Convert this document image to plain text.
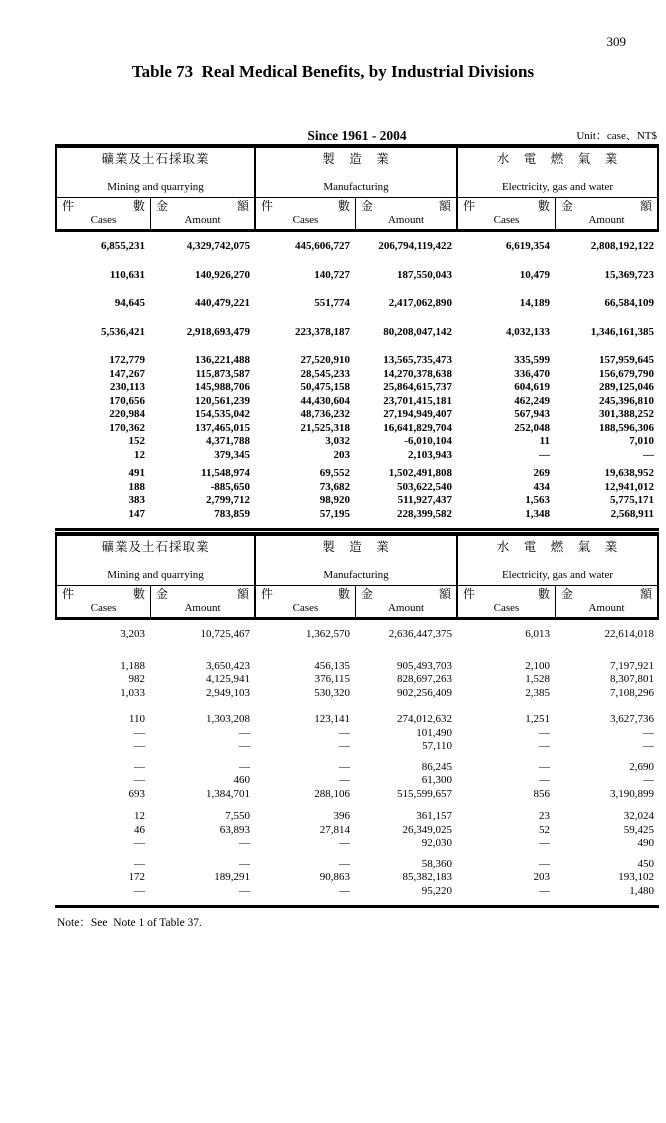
309
Table 73  Real Medical Benefits, by Industrial Divisions
Since 1961 - 2004	Unit：case、NT$
礦業及土石採取業
Mining and quarrying
製　造　業
Manufacturing
水　電　燃　氣　業
Electricity, gas and water
件	數
Cases
金	額
Amount
件	數
Cases
金	額
Amount
件	數
Cases
金	額
Amount
6,855,231	4,329,742,075	445,606,727	206,794,119,422	6,619,354	2,808,192,122
110,631	140,926,270	140,727	187,550,043	10,479	15,369,723
94,645	440,479,221	551,774	2,417,062,890	14,189	66,584,109
5,536,421	2,918,693,479	223,378,187	80,208,047,142	4,032,133	1,346,161,385
172,779	136,221,488	27,520,910	13,565,735,473	335,599	157,959,645
147,267	115,873,587	28,545,233	14,270,378,638	336,470	156,679,790
230,113	145,988,706	50,475,158	25,864,615,737	604,619	289,125,046
170,656	120,561,239	44,430,604	23,701,415,181	462,249	245,396,810
220,984	154,535,042	48,736,232	27,194,949,407	567,943	301,388,252
170,362	137,465,015	21,525,318	16,641,829,704	252,048	188,596,306
152	4,371,788	3,032	-6,010,104	11	7,010
12	379,345	203	2,103,943	—	—
491	11,548,974	69,552	1,502,491,808	269	19,638,952
188	-885,650	73,682	503,622,540	434	12,941,012
383	2,799,712	98,920	511,927,437	1,563	5,775,171
147	783,859	57,195	228,399,582	1,348	2,568,911
礦業及土石採取業
Mining and quarrying
製　造　業
Manufacturing
水　電　燃　氣　業
Electricity, gas and water
件	數
Cases
金	額
Amount
件	數
Cases
金	額
Amount
件	數
Cases
金	額
Amount
3,203	10,725,467	1,362,570	2,636,447,375	6,013	22,614,018
1,188	3,650,423	456,135	905,493,703	2,100	7,197,921
982	4,125,941	376,115	828,697,263	1,528	8,307,801
1,033	2,949,103	530,320	902,256,409	2,385	7,108,296
110	1,303,208	123,141	274,012,632	1,251	3,627,736
—	—	—	101,490	—	—
—	—	—	57,110	—	—
—	—	—	86,245	—	2,690
—	460	—	61,300	—	—
693	1,384,701	288,106	515,599,657	856	3,190,899
12	7,550	396	361,157	23	32,024
46	63,893	27,814	26,349,025	52	59,425
—	—	—	92,030	—	490
—	—	—	58,360	—	450
172	189,291	90,863	85,382,183	203	193,102
—	—	—	95,220	—	1,480
Note：See  Note 1 of Table 37.
